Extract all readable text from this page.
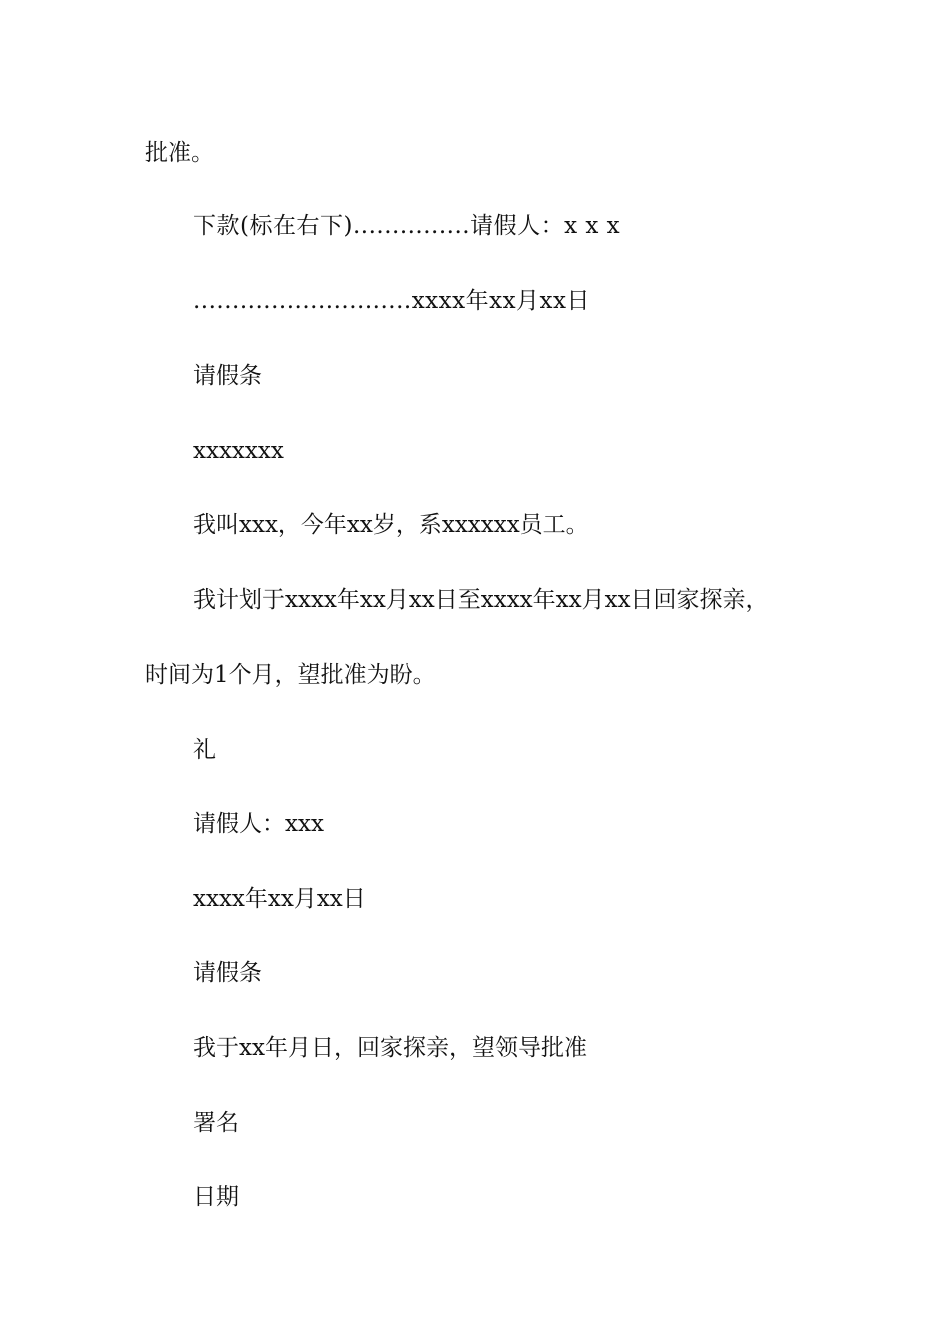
批准。
下款(标在右下)...............请假人：x x x
............................xxxx年xx月xx日
请假条
xxxxxxx
我叫xxx，今年xx岁，系xxxxxx员工。
我计划于xxxx年xx月xx日至xxxx年xx月xx日回家探亲，
时间为1个月，望批准为盼。
礼
请假人：xxx
xxxx年xx月xx日
请假条
我于xx年月日，回家探亲，望领导批准
署名
日期
